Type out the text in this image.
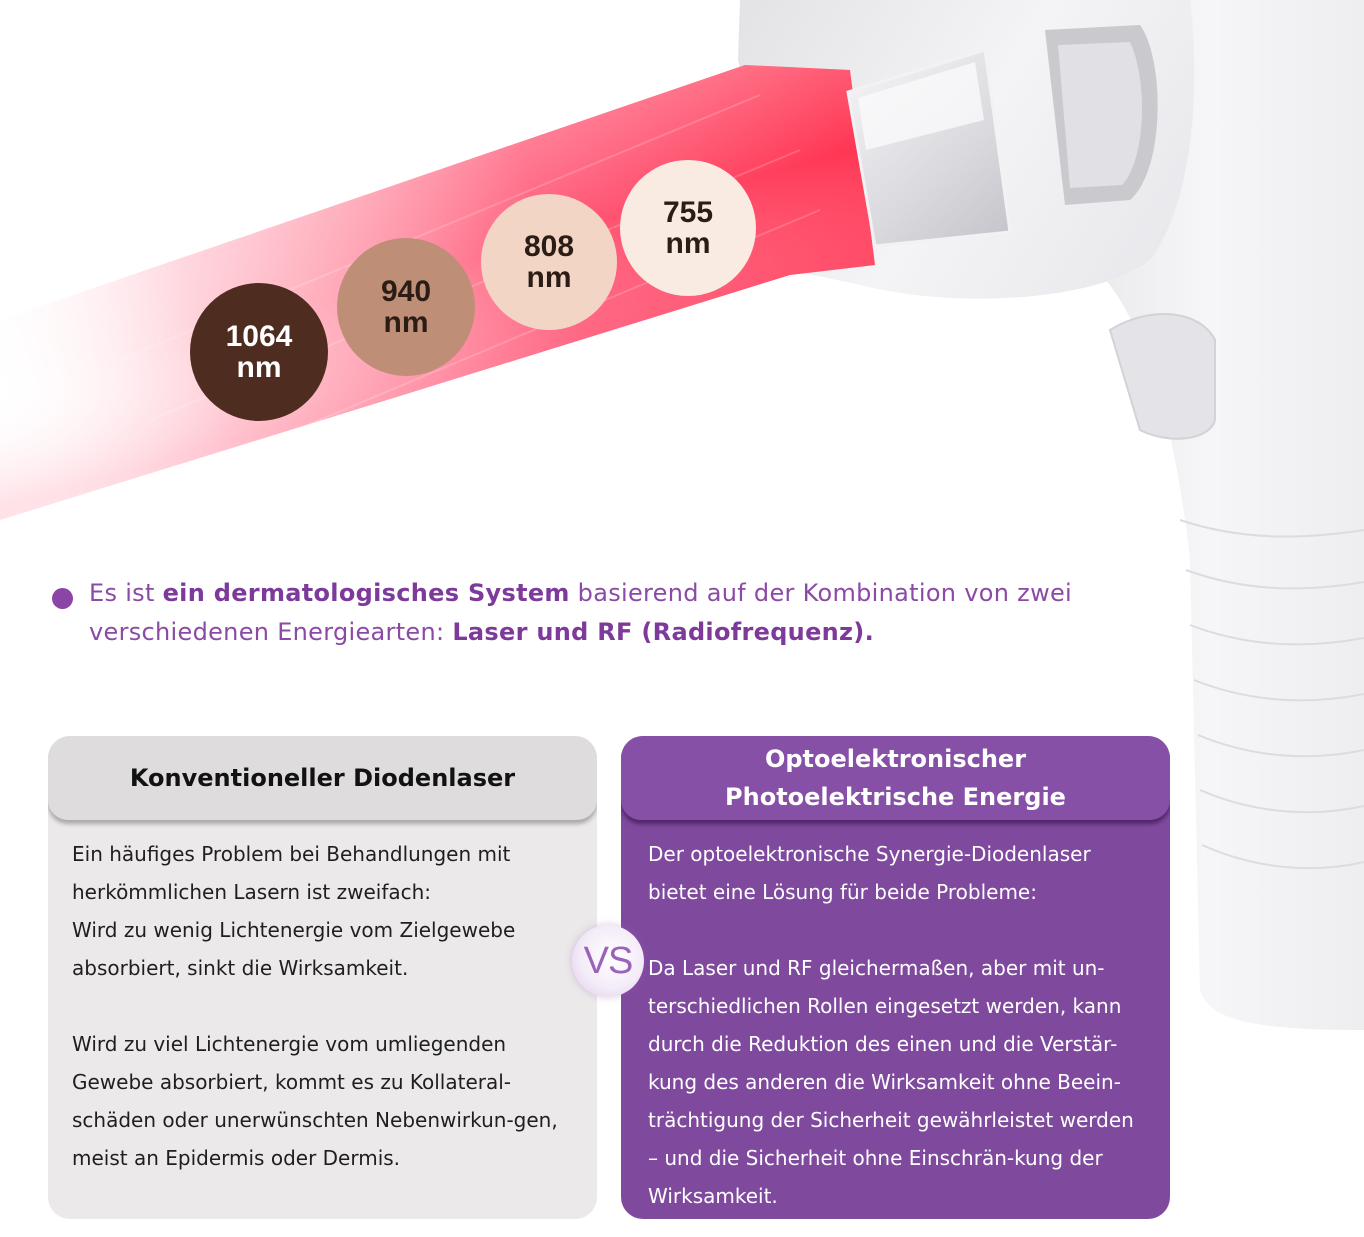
1064
nm
940
nm
808
nm
755
nm

Es ist ein dermatologisches System basierend auf der Kombination von zwei verschiedenen Energiearten: Laser und RF (Radiofrequenz).

Konventioneller Diodenlaser

Ein häufiges Problem bei Behandlungen mit herkömmlichen Lasern ist zweifach:

Wird zu wenig Lichtenergie vom Zielgewebe absorbiert, sinkt die Wirksamkeit.

Wird zu viel Lichtenergie vom umliegenden Gewebe absorbiert, kommt es zu Kollateral-schäden oder unerwünschten Nebenwirkun-gen, meist an Epidermis oder Dermis.

Optoelektronischer
Photoelektrische Energie

Der optoelektronische Synergie-Diodenlaser bietet eine Lösung für beide Probleme:

Da Laser und RF gleichermaßen, aber mit un-terschiedlichen Rollen eingesetzt werden, kann durch die Reduktion des einen und die Verstär-kung des anderen die Wirksamkeit ohne Beein-trächtigung der Sicherheit gewährleistet werden – und die Sicherheit ohne Einschrän-kung der Wirksamkeit.

VS
